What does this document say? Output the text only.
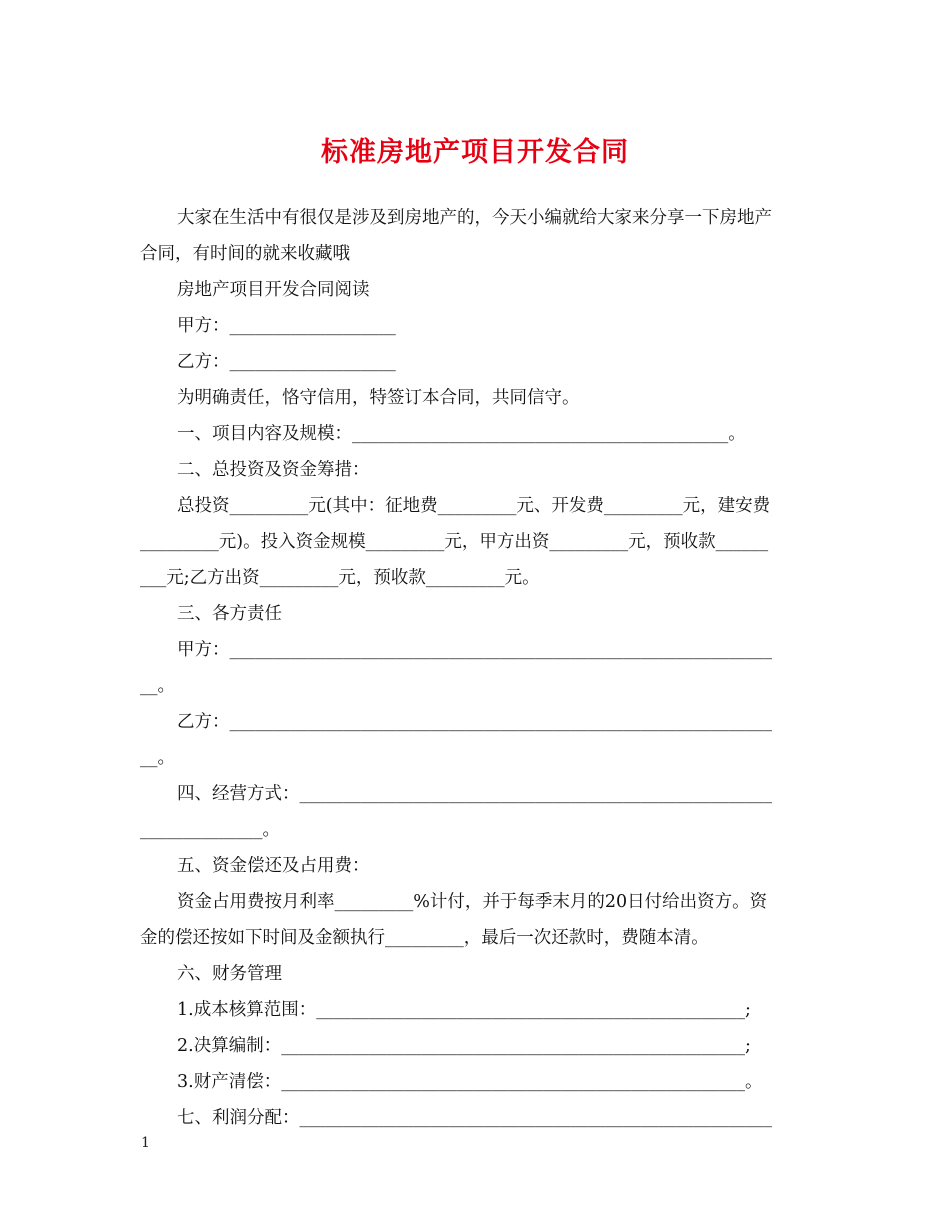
标准房地产项目开发合同
大家在生活中有很仅是涉及到房地产的，今天小编就给大家来分享一下房地产
合同，有时间的就来收藏哦
房地产项目开发合同阅读
甲方：___________________
乙方：___________________
为明确责任，恪守信用，特签订本合同，共同信守。
一、项目内容及规模：___________________________________________。
二、总投资及资金筹措：
总投资_________元(其中：征地费_________元、开发费_________元，建安费
_________元)。投入资金规模_________元，甲方出资_________元，预收款______
___元;乙方出资_________元，预收款_________元。
三、各方责任
甲方：______________________________________________________________
__。
乙方：______________________________________________________________
__。
四、经营方式：______________________________________________________
______________。
五、资金偿还及占用费：
资金占用费按月利率_________%计付，并于每季末月的20日付给出资方。资
金的偿还按如下时间及金额执行_________，最后一次还款时，费随本清。
六、财务管理
1.成本核算范围：_________________________________________________;
2.决算编制：_____________________________________________________;
3.财产清偿：_____________________________________________________。
七、利润分配：______________________________________________________
1
